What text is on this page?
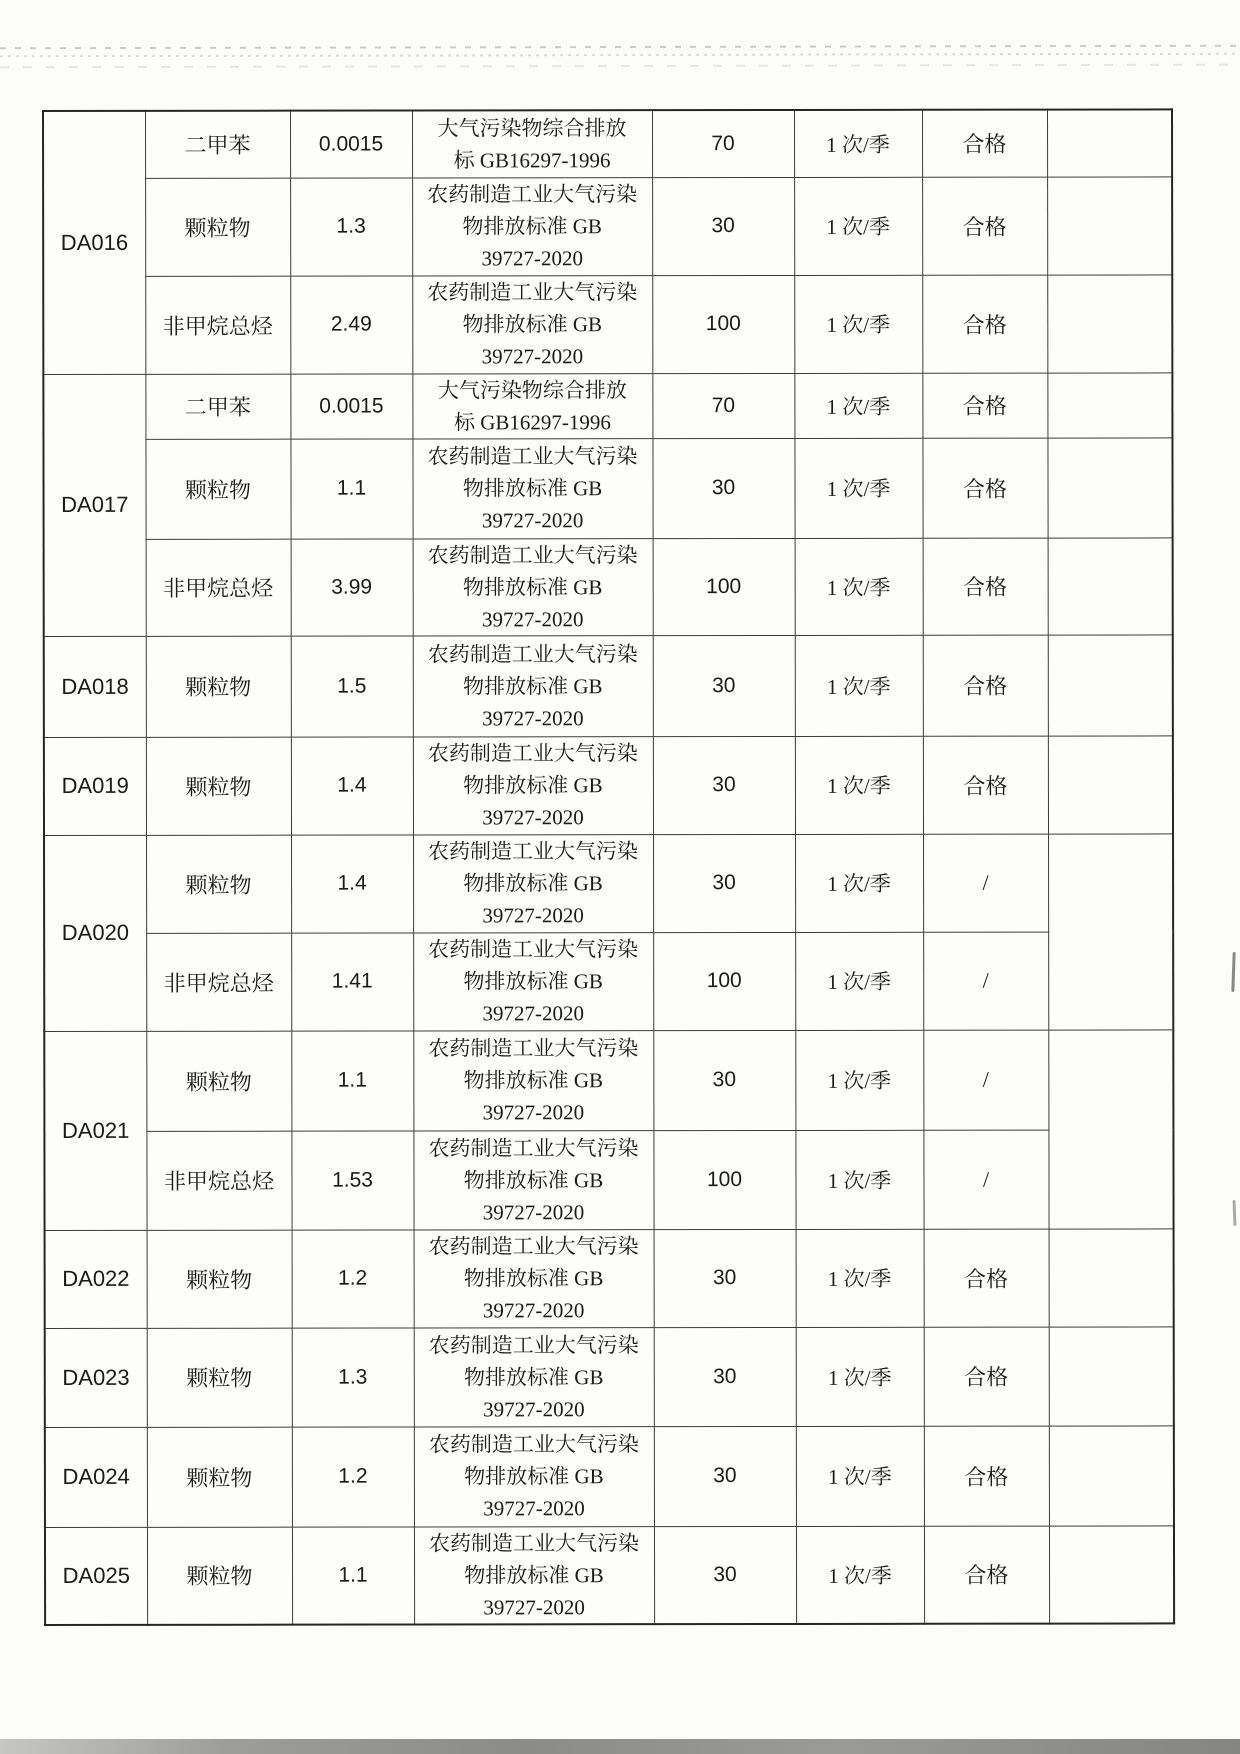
DA016	二甲苯	0.0015	大气污染物综合排放
标 GB16297-1996	70	1 次/季	合格	
	颗粒物	1.3	农药制造工业大气污染
物排放标准 GB
39727-2020	30	1 次/季	合格	
	非甲烷总烃	2.49	农药制造工业大气污染
物排放标准 GB
39727-2020	100	1 次/季	合格	
DA017	二甲苯	0.0015	大气污染物综合排放
标 GB16297-1996	70	1 次/季	合格	
	颗粒物	1.1	农药制造工业大气污染
物排放标准 GB
39727-2020	30	1 次/季	合格	
	非甲烷总烃	3.99	农药制造工业大气污染
物排放标准 GB
39727-2020	100	1 次/季	合格	
DA018	颗粒物	1.5	农药制造工业大气污染
物排放标准 GB
39727-2020	30	1 次/季	合格	
DA019	颗粒物	1.4	农药制造工业大气污染
物排放标准 GB
39727-2020	30	1 次/季	合格	
DA020	颗粒物	1.4	农药制造工业大气污染
物排放标准 GB
39727-2020	30	1 次/季	/	
	非甲烷总烃	1.41	农药制造工业大气污染
物排放标准 GB
39727-2020	100	1 次/季	/	
DA021	颗粒物	1.1	农药制造工业大气污染
物排放标准 GB
39727-2020	30	1 次/季	/	
	非甲烷总烃	1.53	农药制造工业大气污染
物排放标准 GB
39727-2020	100	1 次/季	/	
DA022	颗粒物	1.2	农药制造工业大气污染
物排放标准 GB
39727-2020	30	1 次/季	合格	
DA023	颗粒物	1.3	农药制造工业大气污染
物排放标准 GB
39727-2020	30	1 次/季	合格	
DA024	颗粒物	1.2	农药制造工业大气污染
物排放标准 GB
39727-2020	30	1 次/季	合格	
DA025	颗粒物	1.1	农药制造工业大气污染
物排放标准 GB
39727-2020	30	1 次/季	合格	
